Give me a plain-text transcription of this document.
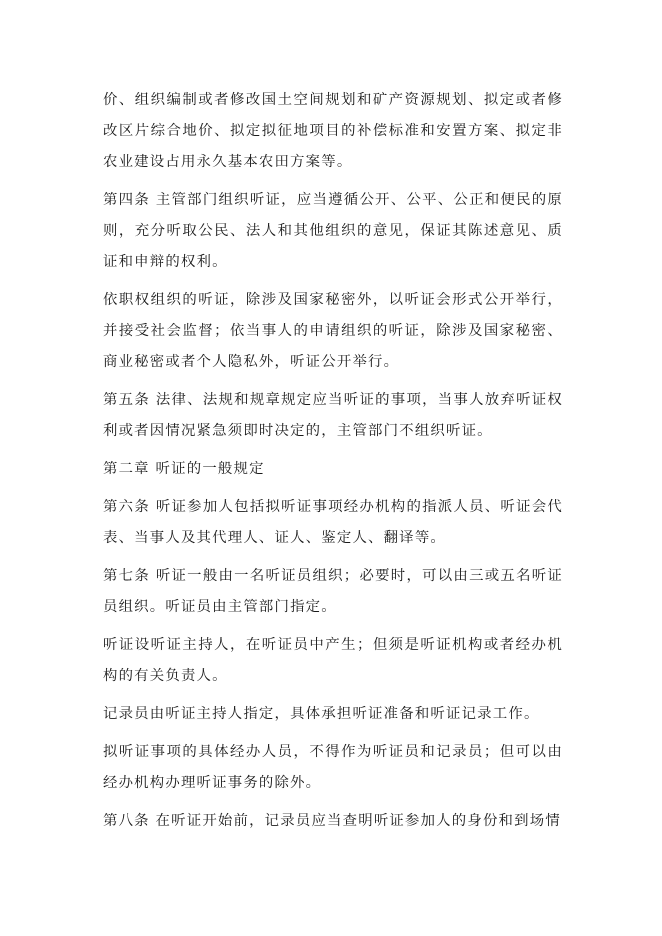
价、组织编制或者修改国土空间规划和矿产资源规划、拟定或者修改区片综合地价、拟定拟征地项目的补偿标准和安置方案、拟定非农业建设占用永久基本农田方案等。

第四条 主管部门组织听证，应当遵循公开、公平、公正和便民的原则，充分听取公民、法人和其他组织的意见，保证其陈述意见、质证和申辩的权利。

依职权组织的听证，除涉及国家秘密外，以听证会形式公开举行，并接受社会监督；依当事人的申请组织的听证，除涉及国家秘密、商业秘密或者个人隐私外，听证公开举行。

第五条 法律、法规和规章规定应当听证的事项，当事人放弃听证权利或者因情况紧急须即时决定的，主管部门不组织听证。

第二章 听证的一般规定

第六条 听证参加人包括拟听证事项经办机构的指派人员、听证会代表、当事人及其代理人、证人、鉴定人、翻译等。

第七条 听证一般由一名听证员组织；必要时，可以由三或五名听证员组织。听证员由主管部门指定。

听证设听证主持人，在听证员中产生；但须是听证机构或者经办机构的有关负责人。

记录员由听证主持人指定，具体承担听证准备和听证记录工作。

拟听证事项的具体经办人员，不得作为听证员和记录员；但可以由经办机构办理听证事务的除外。

第八条 在听证开始前，记录员应当查明听证参加人的身份和到场情
